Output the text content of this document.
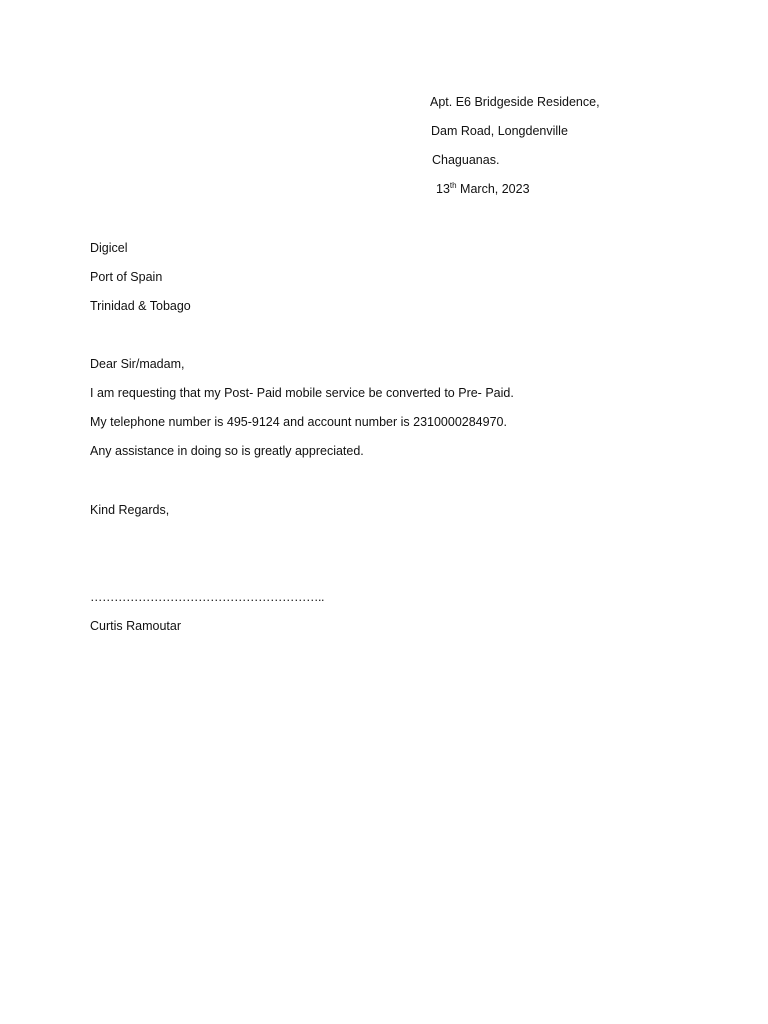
Apt. E6 Bridgeside Residence,
Dam Road, Longdenville
Chaguanas.
13th March, 2023
Digicel
Port of Spain
Trinidad & Tobago
Dear Sir/madam,
I am requesting that my Post- Paid mobile service be converted to Pre- Paid.
My telephone number is 495-9124 and account number is 2310000284970.
Any assistance in doing so is greatly appreciated.
Kind Regards,
…………………………………………………..
Curtis Ramoutar
